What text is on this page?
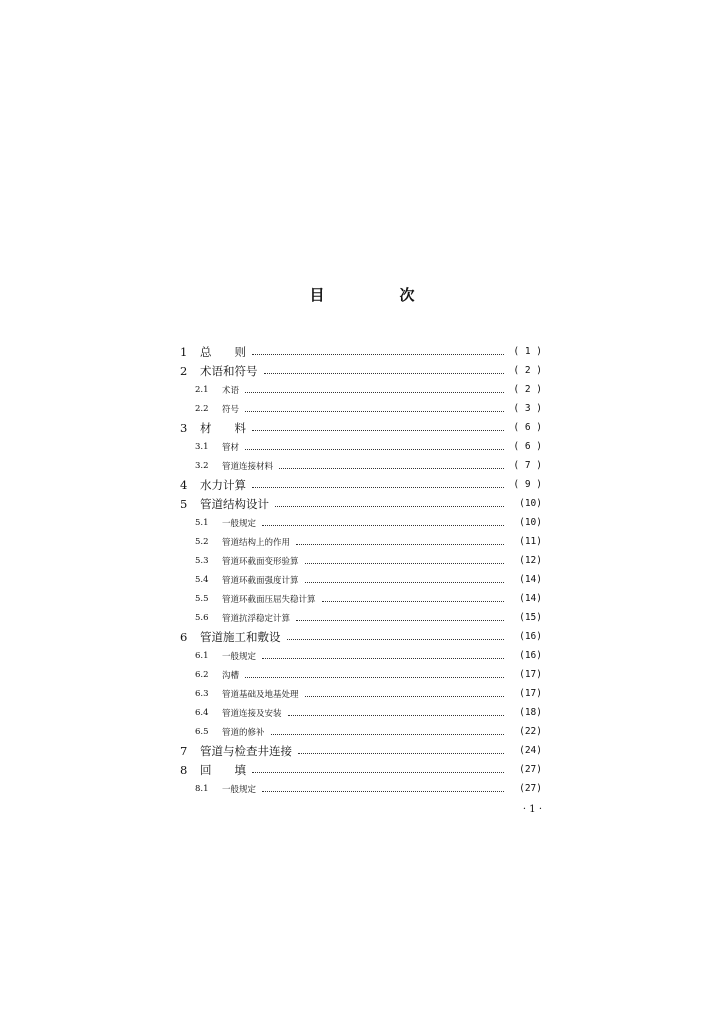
目　次
1	总　　则	( 1 )
2	术语和符号	( 2 )
2.1	术语	( 2 )
2.2	符号	( 3 )
3	材　　料	( 6 )
3.1	管材	( 6 )
3.2	管道连接材料	( 7 )
4	水力计算	( 9 )
5	管道结构设计	(10)
5.1	一般规定	(10)
5.2	管道结构上的作用	(11)
5.3	管道环截面变形验算	(12)
5.4	管道环截面强度计算	(14)
5.5	管道环截面压屈失稳计算	(14)
5.6	管道抗浮稳定计算	(15)
6	管道施工和敷设	(16)
6.1	一般规定	(16)
6.2	沟槽	(17)
6.3	管道基础及地基处理	(17)
6.4	管道连接及安装	(18)
6.5	管道的修补	(22)
7	管道与检查井连接	(24)
8	回　　填	(27)
8.1	一般规定	(27)
· 1 ·
